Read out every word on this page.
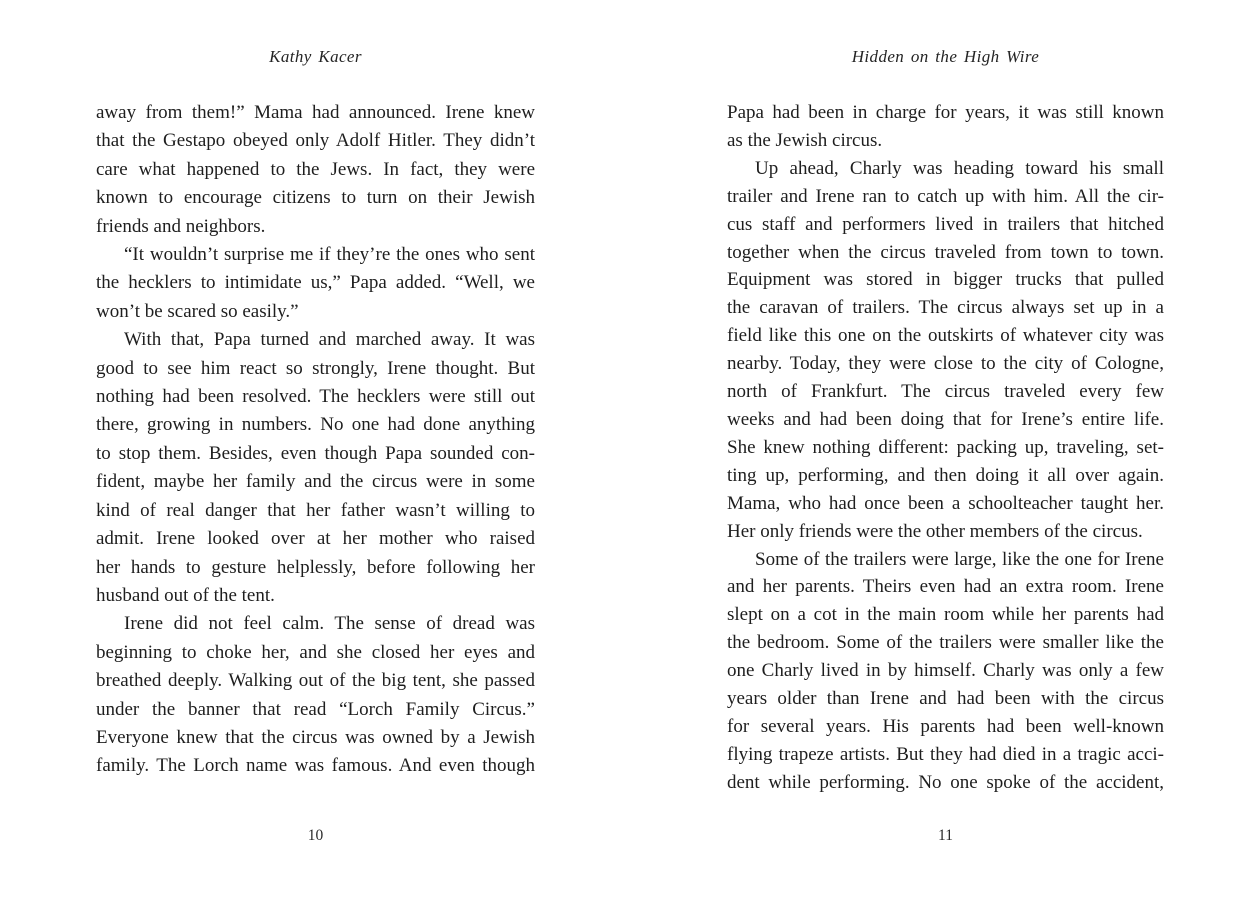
Kathy Kacer
away from them!” Mama had announced. Irene knew
that the Gestapo obeyed only Adolf Hitler. They didn’t
care what happened to the Jews. In fact, they were
known to encourage citizens to turn on their Jewish
friends and neighbors.
“It wouldn’t surprise me if they’re the ones who sent
the hecklers to intimidate us,” Papa added. “Well, we
won’t be scared so easily.”
With that, Papa turned and marched away. It was
good to see him react so strongly, Irene thought. But
nothing had been resolved. The hecklers were still out
there, growing in numbers. No one had done anything
to stop them. Besides, even though Papa sounded con-
fident, maybe her family and the circus were in some
kind of real danger that her father wasn’t willing to
admit. Irene looked over at her mother who raised
her hands to gesture helplessly, before following her
husband out of the tent.
Irene did not feel calm. The sense of dread was
beginning to choke her, and she closed her eyes and
breathed deeply. Walking out of the big tent, she passed
under the banner that read “Lorch Family Circus.”
Everyone knew that the circus was owned by a Jewish
family. The Lorch name was famous. And even though
10
Hidden on the High Wire
Papa had been in charge for years, it was still known
as the Jewish circus.
Up ahead, Charly was heading toward his small
trailer and Irene ran to catch up with him. All the cir-
cus staff and performers lived in trailers that hitched
together when the circus traveled from town to town.
Equipment was stored in bigger trucks that pulled
the caravan of trailers. The circus always set up in a
field like this one on the outskirts of whatever city was
nearby. Today, they were close to the city of Cologne,
north of Frankfurt. The circus traveled every few
weeks and had been doing that for Irene’s entire life.
She knew nothing different: packing up, traveling, set-
ting up, performing, and then doing it all over again.
Mama, who had once been a schoolteacher taught her.
Her only friends were the other members of the circus.
Some of the trailers were large, like the one for Irene
and her parents. Theirs even had an extra room. Irene
slept on a cot in the main room while her parents had
the bedroom. Some of the trailers were smaller like the
one Charly lived in by himself. Charly was only a few
years older than Irene and had been with the circus
for several years. His parents had been well-known
flying trapeze artists. But they had died in a tragic acci-
dent while performing. No one spoke of the accident,
11
